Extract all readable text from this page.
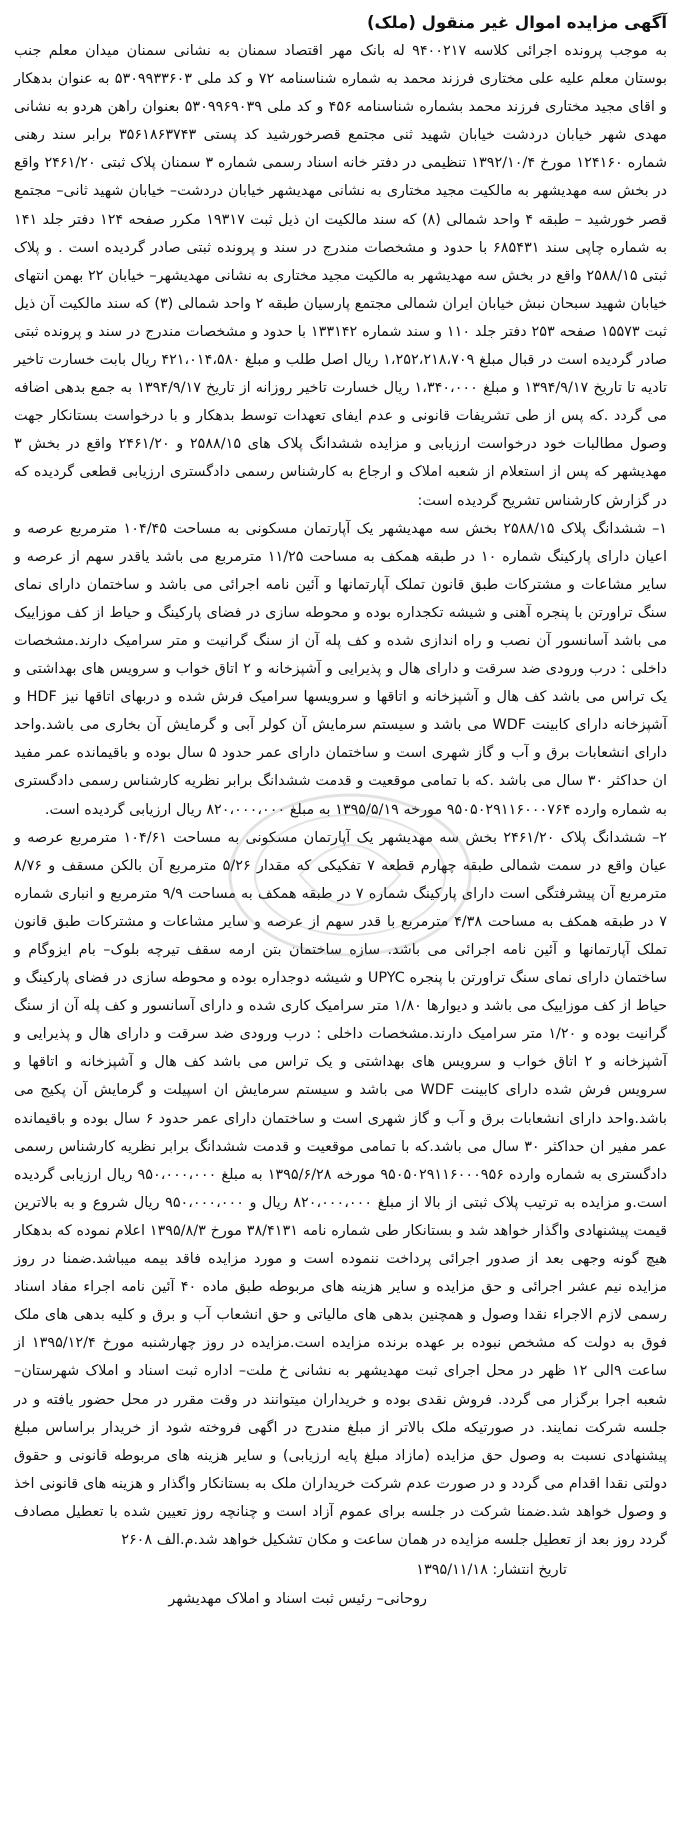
آگهی مزایده اموال غیر منقول (ملک)

به موجب پرونده اجرائی کلاسه ۹۴۰۰۲۱۷ له بانک مهر اقتصاد سمنان به نشانی سمنان میدان معلم جنب بوستان معلم علیه علی مختاری فرزند محمد به شماره شناسنامه ۷۲ و کد ملی ۵۳۰۹۹۳۳۶۰۳ به عنوان بدهکار و اقای مجید مختاری فرزند محمد بشماره شناسنامه ۴۵۶ و کد ملی ۵۳۰۹۹۶۹۰۳۹ بعنوان راهن هردو به نشانی مهدی شهر خیابان دردشت خیابان شهید ثنی مجتمع قصرخورشید کد پستی ۳۵۶۱۸۶۳۷۴۳ برابر سند رهنی شماره ۱۲۴۱۶۰ مورخ ۱۳۹۲/۱۰/۴ تنظیمی در دفتر خانه اسناد رسمی شماره ۳ سمنان پلاک ثبتی ۲۴۶۱/۲۰ واقع در بخش سه مهدیشهر به مالکیت مجید مختاری به نشانی مهدیشهر خیابان دردشت– خیابان شهید ثانی– مجتمع قصر خورشید – طبقه ۴ واحد شمالی (۸) که سند مالکیت ان ذیل ثبت ۱۹۳۱۷ مکرر صفحه ۱۲۴ دفتر جلد ۱۴۱ به شماره چاپی سند ۶۸۵۴۳۱ با حدود و مشخصات مندرج در سند و پرونده ثبتی صادر گردیده است . و پلاک ثبتی ۲۵۸۸/۱۵ واقع در بخش سه مهدیشهر به مالکیت مجید مختاری به نشانی مهدیشهر– خیابان ۲۲ بهمن انتهای خیابان شهید سبحان نبش خیابان ایران شمالی مجتمع پارسیان طبقه ۲ واحد شمالی (۳) که سند مالکیت آن ذیل ثبت ۱۵۵۷۳ صفحه ۲۵۳ دفتر جلد ۱۱۰ و سند شماره ۱۳۳۱۴۲ با حدود و مشخصات مندرج در سند و پرونده ثبتی صادر گردیده است در قبال مبلغ ۱،۲۵۲،۲۱۸،۷۰۹ ریال اصل طلب و مبلغ ۴۲۱،۰۱۴،۵۸۰ ریال بابت خسارت تاخیر تادیه تا تاریخ ۱۳۹۴/۹/۱۷ و مبلغ ۱،۳۴۰،۰۰۰ ریال خسارت تاخیر روزانه از تاریخ ۱۳۹۴/۹/۱۷ به جمع بدهی اضافه می گردد .که پس از طی تشریفات قانونی و عدم ایفای تعهدات توسط بدهکار و با درخواست بستانکار جهت وصول مطالبات خود درخواست ارزیابی و مزایده ششدانگ پلاک های ۲۵۸۸/۱۵ و ۲۴۶۱/۲۰ واقع در بخش ۳ مهدیشهر که پس از استعلام از شعبه املاک و ارجاع به کارشناس رسمی دادگستری ارزیابی قطعی گردیده که در گزارش کارشناس تشریح گردیده است:

۱– ششدانگ پلاک ۲۵۸۸/۱۵ بخش سه مهدیشهر یک آپارتمان مسکونی به مساحت ۱۰۴/۴۵ مترمربع عرصه و اعیان دارای پارکینگ شماره ۱۰ در طبقه همکف به مساحت ۱۱/۲۵ مترمربع می باشد یاقدر سهم از عرصه و سایر مشاعات و مشترکات طبق قانون تملک آپارتمانها و آئین نامه اجرائی می باشد و ساختمان دارای نمای سنگ تراورتن با پنجره آهنی و شیشه تکجداره بوده و محوطه سازی در فضای پارکینگ و حیاط از کف موزاییک می باشد آسانسور آن نصب و راه اندازی شده و کف پله آن از سنگ گرانیت و متر سرامیک دارند.مشخصات داخلی : درب ورودی ضد سرقت و دارای هال و پذیرایی و آشپزخانه و ۲ اتاق خواب و سرویس های بهداشتی و یک تراس می باشد کف هال و آشپزخانه و اتاقها و سرویسها سرامیک فرش شده و دربهای اتاقها نیز HDF و آشپزخانه دارای کابینت WDF می باشد و سیستم سرمایش آن کولر آبی و گرمایش آن بخاری می باشد.واحد دارای انشعابات برق و آب و گاز شهری است و ساختمان دارای عمر حدود ۵ سال بوده و باقیمانده عمر مفید ان حداکثر ۳۰ سال می باشد .که با تمامی موقعیت و قدمت ششدانگ برابر نظریه کارشناس رسمی دادگستری به شماره وارده ۹۵۰۵۰۲۹۱۱۶۰۰۰۷۶۴ مورخه ۱۳۹۵/۵/۱۹ به مبلغ ۸۲۰،۰۰۰،۰۰۰ ریال ارزیابی گردیده است.

۲– ششدانگ پلاک ۲۴۶۱/۲۰ بخش سه مهدیشهر یک آپارتمان مسکونی به مساحت ۱۰۴/۶۱ مترمربع عرصه و عیان واقع در سمت شمالی طبقه چهارم قطعه ۷ تفکیکی که مقدار ۵/۲۶ مترمربع آن بالکن مسقف و ۸/۷۶ مترمربع آن پیشرفتگی است دارای پارکینگ شماره ۷ در طبقه همکف به مساحت ۹/۹ مترمربع و انباری شماره ۷ در طبقه همکف به مساحت ۴/۳۸ مترمربع با قدر سهم از عرصه و سایر مشاعات و مشترکات طبق قانون تملک آپارتمانها و آئین نامه اجرائی می باشد. سازه ساختمان بتن ارمه سقف تیرچه بلوک– بام ایزوگام و ساختمان دارای نمای سنگ تراورتن با پنجره UPYC و شیشه دوجداره بوده و محوطه سازی در فضای پارکینگ و حیاط از کف موزاییک می باشد و دیوارها ۱/۸۰ متر سرامیک کاری شده و دارای آسانسور و کف پله آن از سنگ گرانیت بوده و ۱/۲۰ متر سرامیک دارند.مشخصات داخلی : درب ورودی ضد سرقت و دارای هال و پذیرایی و آشپزخانه و ۲ اتاق خواب و سرویس های بهداشتی و یک تراس می باشد کف هال و آشپزخانه و اتاقها و سرویس فرش شده دارای کابینت WDF می باشد و سیستم سرمایش ان اسپیلت و گرمایش آن پکیج می باشد.واحد دارای انشعابات برق و آب و گاز شهری است و ساختمان دارای عمر حدود ۶ سال بوده و باقیمانده عمر مفیر ان حداکثر ۳۰ سال می باشد.که با تمامی موقعیت و قدمت ششدانگ برابر نظریه کارشناس رسمی دادگستری به شماره وارده ۹۵۰۵۰۲۹۱۱۶۰۰۰۹۵۶ مورخه ۱۳۹۵/۶/۲۸ به مبلغ ۹۵۰،۰۰۰،۰۰۰ ریال ارزیابی گردیده است.و مزایده به ترتیب پلاک ثبتی از بالا از مبلغ ۸۲۰،۰۰۰،۰۰۰ ریال و ۹۵۰،۰۰۰،۰۰۰ ریال شروع و به بالاترین قیمت پیشنهادی واگذار خواهد شد و بستانکار طی شماره نامه ۳۸/۴۱۳۱ مورخ ۱۳۹۵/۸/۳ اعلام نموده که بدهکار هیچ گونه وجهی بعد از صدور اجرائی پرداخت ننموده است و مورد مزایده فاقد بیمه میباشد.ضمنا در روز مزایده نیم عشر اجرائی و حق مزایده و سایر هزینه های مربوطه طبق ماده ۴۰ آئین نامه اجراء مفاد اسناد رسمی لازم الاجراء نقدا وصول و همچنین بدهی های مالیاتی و حق انشعاب آب و برق و کلیه بدهی های ملک فوق به دولت که مشخص نبوده بر عهده برنده مزایده است.مزایده در روز چهارشنبه مورخ ۱۳۹۵/۱۲/۴ از ساعت ۹الی ۱۲ ظهر در محل اجرای ثبت مهدیشهر به نشانی خ ملت– اداره ثبت اسناد و املاک شهرستان– شعبه اجرا برگزار می گردد. فروش نقدی بوده و خریداران میتوانند در وقت مقرر در محل حضور یافته و در جلسه شرکت نمایند. در صورتیکه ملک بالاتر از مبلغ مندرج در اگهی فروخته شود از خریدار براساس مبلغ پیشنهادی نسبت به وصول حق مزایده (مازاد مبلغ پایه ارزیابی) و سایر هزینه های مربوطه قانونی و حقوق دولتی نقدا اقدام می گردد و در صورت عدم شرکت خریداران ملک به بستانکار واگذار و هزینه های قانونی اخذ و وصول خواهد شد.ضمنا شرکت در جلسه برای عموم آزاد است و چنانچه روز تعیین شده با تعطیل مصادف گردد روز بعد از تعطیل جلسه مزایده در همان ساعت و مکان تشکیل خواهد شد.م.الف ۲۶۰۸

تاریخ انتشار: ۱۳۹۵/۱۱/۱۸
روحانی– رئیس ثبت اسناد و املاک مهدیشهر
